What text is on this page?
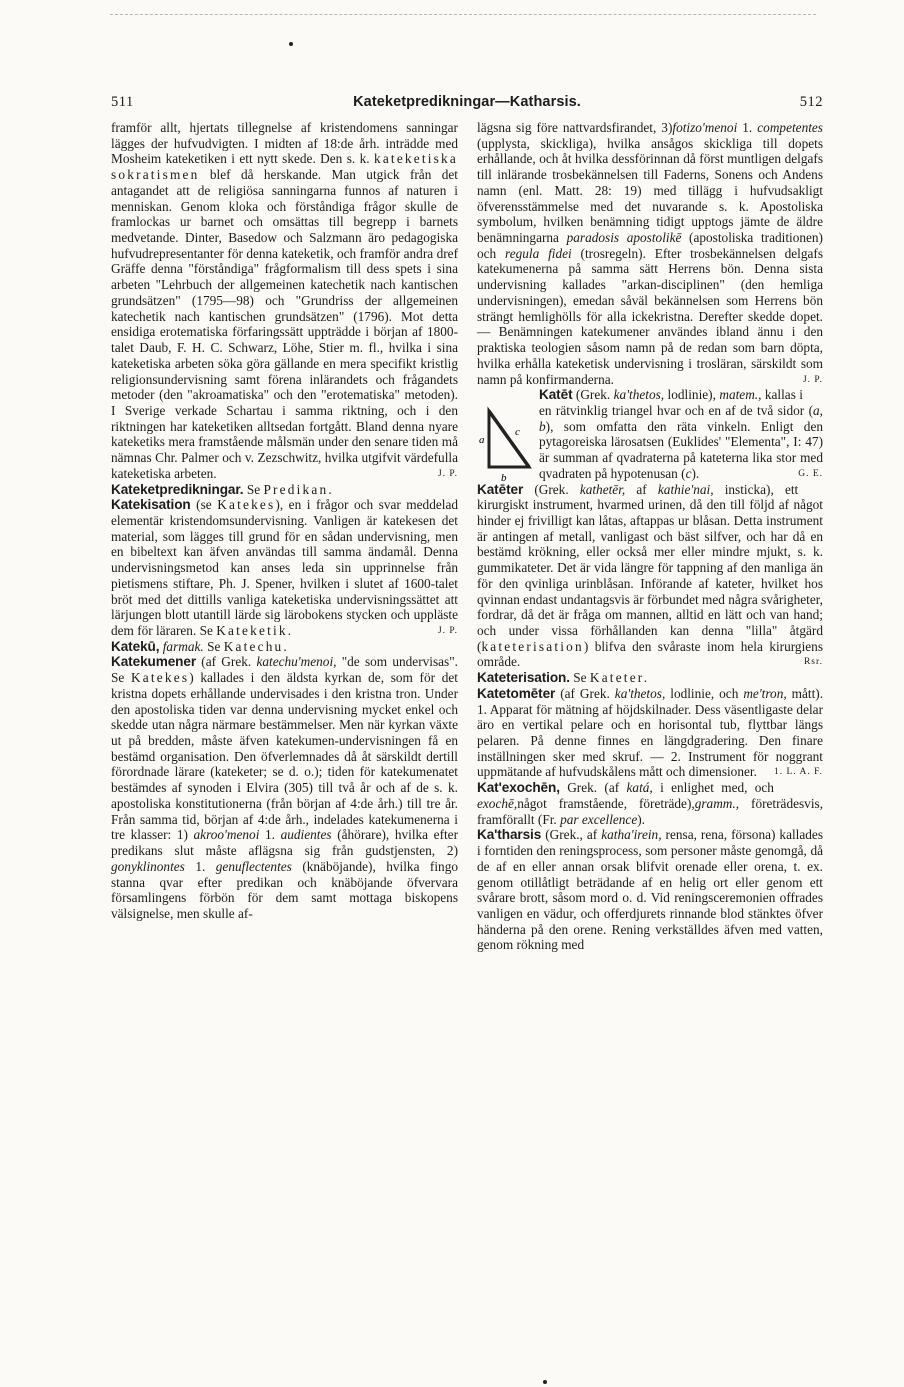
511	Kateketpredikningar—Katharsis.	512

framför allt, hjertats tillegnelse af kristendomens sanningar lägges der hufvudvigten. I midten af 18:de årh. inträdde med Mosheim kateketiken i ett nytt skede. Den s. k. kateketiska sokratismen blef då herskande. Man utgick från det antagandet att de religiösa sanningarna funnos af naturen i menniskan. Genom kloka och förståndiga frågor skulle de framlockas ur barnet och omsättas till begrepp i barnets medvetande. Dinter, Basedow och Salzmann äro pedagogiska hufvudrepresentanter för denna kateketik, och framför andra dref Gräffe denna "förståndiga" frågformalism till dess spets i sina arbeten "Lehrbuch der allgemeinen katechetik nach kantischen grundsätzen" (1795—98) och "Grundriss der allgemeinen katechetik nach kantischen grundsätzen" (1796). Mot detta ensidiga erotematiska förfaringssätt uppträdde i början af 1800-talet Daub, F. H. C. Schwarz, Löhe, Stier m. fl., hvilka i sina kateketiska arbeten söka göra gällande en mera specifikt kristlig religionsundervisning samt förena inlärandets och frågandets metoder (den "akroamatiska" och den "erotematiska" metoden). I Sverige verkade Schartau i samma riktning, och i den riktningen har kateketiken alltsedan fortgått. Bland denna nyare kateketiks mera framstående målsmän under den senare tiden må nämnas Chr. Palmer och v. Zezschwitz, hvilka utgifvit värdefulla kateketiska arbeten.	J. P.

Kateketpredikningar. Se Predikan.

Katekisation (se Katekes), en i frågor och svar meddelad elementär kristendomsundervisning. Vanligen är katekesen det material, som lägges till grund för en sådan undervisning, men en bibeltext kan äfven användas till samma ändamål. Denna undervisningsmetod kan anses leda sin upprinnelse från pietismens stiftare, Ph. J. Spener, hvilken i slutet af 1600-talet bröt med det dittills vanliga kateketiska undervisningssättet att lärjungen blott utantill lärde sig lärobokens stycken och uppläste dem för läraren. Se Kateketik.	J. P.

Katekū, farmak. Se Katechu.

Katekumener (af Grek. katechu'menoi, "de som undervisas". Se Katekes) kallades i den äldsta kyrkan de, som för det kristna dopets erhållande undervisades i den kristna tron. Under den apostoliska tiden var denna undervisning mycket enkel och skedde utan några närmare bestämmelser. Men när kyrkan växte ut på bredden, måste äfven katekumen-undervisningen få en bestämd organisation. Den öfverlemnades då åt särskildt dertill förordnade lärare (kateketer; se d. o.); tiden för katekumenatet bestämdes af synoden i Elvira (305) till två år och af de s. k. apostoliska konstitutionerna (från början af 4:de årh.) till tre år. Från samma tid, början af 4:de årh., indelades katekumenerna i tre klasser: 1) akroo'menoi 1. audientes (åhörare), hvilka efter predikans slut måste aflägsna sig från gudstjensten, 2) gonyklinontes 1. genuflectentes (knäböjande), hvilka fingo stanna qvar efter predikan och knäböjande öfvervara församlingens förbön för dem samt mottaga biskopens välsignelse, men skulle af-

lägsna sig före nattvardsfirandet, 3)fotizo'menoi 1. competentes (upplysta, skickliga), hvilka ansågos skickliga till dopets erhållande, och åt hvilka dessförinnan då först muntligen delgafs till inlärande trosbekännelsen till Faderns, Sonens och Andens namn (enl. Matt. 28: 19) med tillägg i hufvudsakligt öfverensstämmelse med det nuvarande s. k. Apostoliska symbolum, hvilken benämning tidigt upptogs jämte de äldre benämningarna paradosis apostolikē (apostoliska traditionen) och regula fidei (trosregeln). Efter trosbekännelsen delgafs katekumenerna på samma sätt Herrens bön. Denna sista undervisning kallades "arkan-disciplinen" (den hemliga undervisningen), emedan såväl bekännelsen som Herrens bön strängt hemlighölls för alla ickekristna. Derefter skedde dopet. — Benämningen katekumener användes ibland ännu i den praktiska teologien såsom namn på de redan som barn döpta, hvilka erhålla kateketisk undervisning i trosläran, särskildt som namn på konfirmanderna.	J. P.

Katēt (Grek. ka'thetos, lodlinie), matem., kallas i en rätvinklig triangel hvar och en af de två sidor (a, b), som omfatta den räta vinkeln. Enligt den pytagoreiska lärosatsen (Euklides' "Elementa", I: 47) är summan af qvadraterna på kateterna lika stor med qvadraten på hypotenusan (c).	G. E.

a
c
b

Katēter (Grek. kathetēr, af kathie'nai, insticka), ett kirurgiskt instrument, hvarmed urinen, då den till följd af något hinder ej frivilligt kan låtas, aftappas ur blåsan. Detta instrument är antingen af metall, vanligast och bäst silfver, och har då en bestämd krökning, eller också mer eller mindre mjukt, s. k. gummikateter. Det är vida längre för tappning af den manliga än för den qvinliga urinblåsan. Införande af kateter, hvilket hos qvinnan endast undantagsvis är förbundet med några svårigheter, fordrar, då det är fråga om mannen, alltid en lätt och van hand; och under vissa förhållanden kan denna "lilla" åtgärd (kateterisation) blifva den svåraste inom hela kirurgiens område.	Rsr.

Kateterisation. Se Kateter.

Katetomēter (af Grek. ka'thetos, lodlinie, och me'tron, mått). 1. Apparat för mätning af höjdskilnader. Dess väsentligaste delar äro en vertikal pelare och en horisontal tub, flyttbar längs pelaren. På denne finnes en längdgradering. Den finare inställningen sker med skruf. — 2. Instrument för noggrant uppmätande af hufvudskålens mått och dimensioner. 1. L. A. F.

Kat'exochēn, Grek. (af katá, i enlighet med, och exochē,något framstående, företräde),gramm., företrädesvis, framförallt (Fr. par excellence).

Ka'tharsis (Grek., af katha'irein, rensa, rena, försona) kallades i forntiden den reningsprocess, som personer måste genomgå, då de af en eller annan orsak blifvit orenade eller orena, t. ex. genom otillåtligt beträdande af en helig ort eller genom ett svårare brott, såsom mord o. d. Vid reningsceremonien offrades vanligen en vädur, och offerdjurets rinnande blod stänktes öfver händerna på den orene. Rening verkställdes äfven med vatten, genom rökning med
